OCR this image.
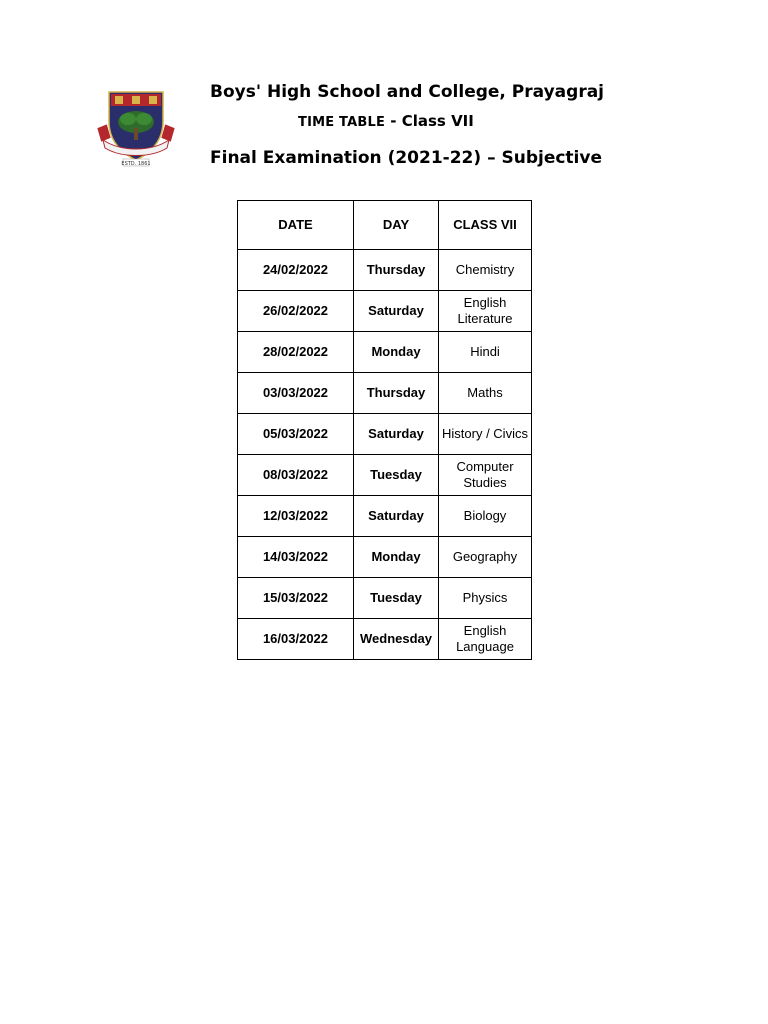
ESTD. 1861
Boys' High School and College, Prayagraj
TIME TABLE - Class VII
Final Examination (2021-22) – Subjective
DATE	DAY	CLASS VII
24/02/2022	Thursday	Chemistry
26/02/2022	Saturday	English Literature
28/02/2022	Monday	Hindi
03/03/2022	Thursday	Maths
05/03/2022	Saturday	History / Civics
08/03/2022	Tuesday	Computer Studies
12/03/2022	Saturday	Biology
14/03/2022	Monday	Geography
15/03/2022	Tuesday	Physics
16/03/2022	Wednesday	English Language
